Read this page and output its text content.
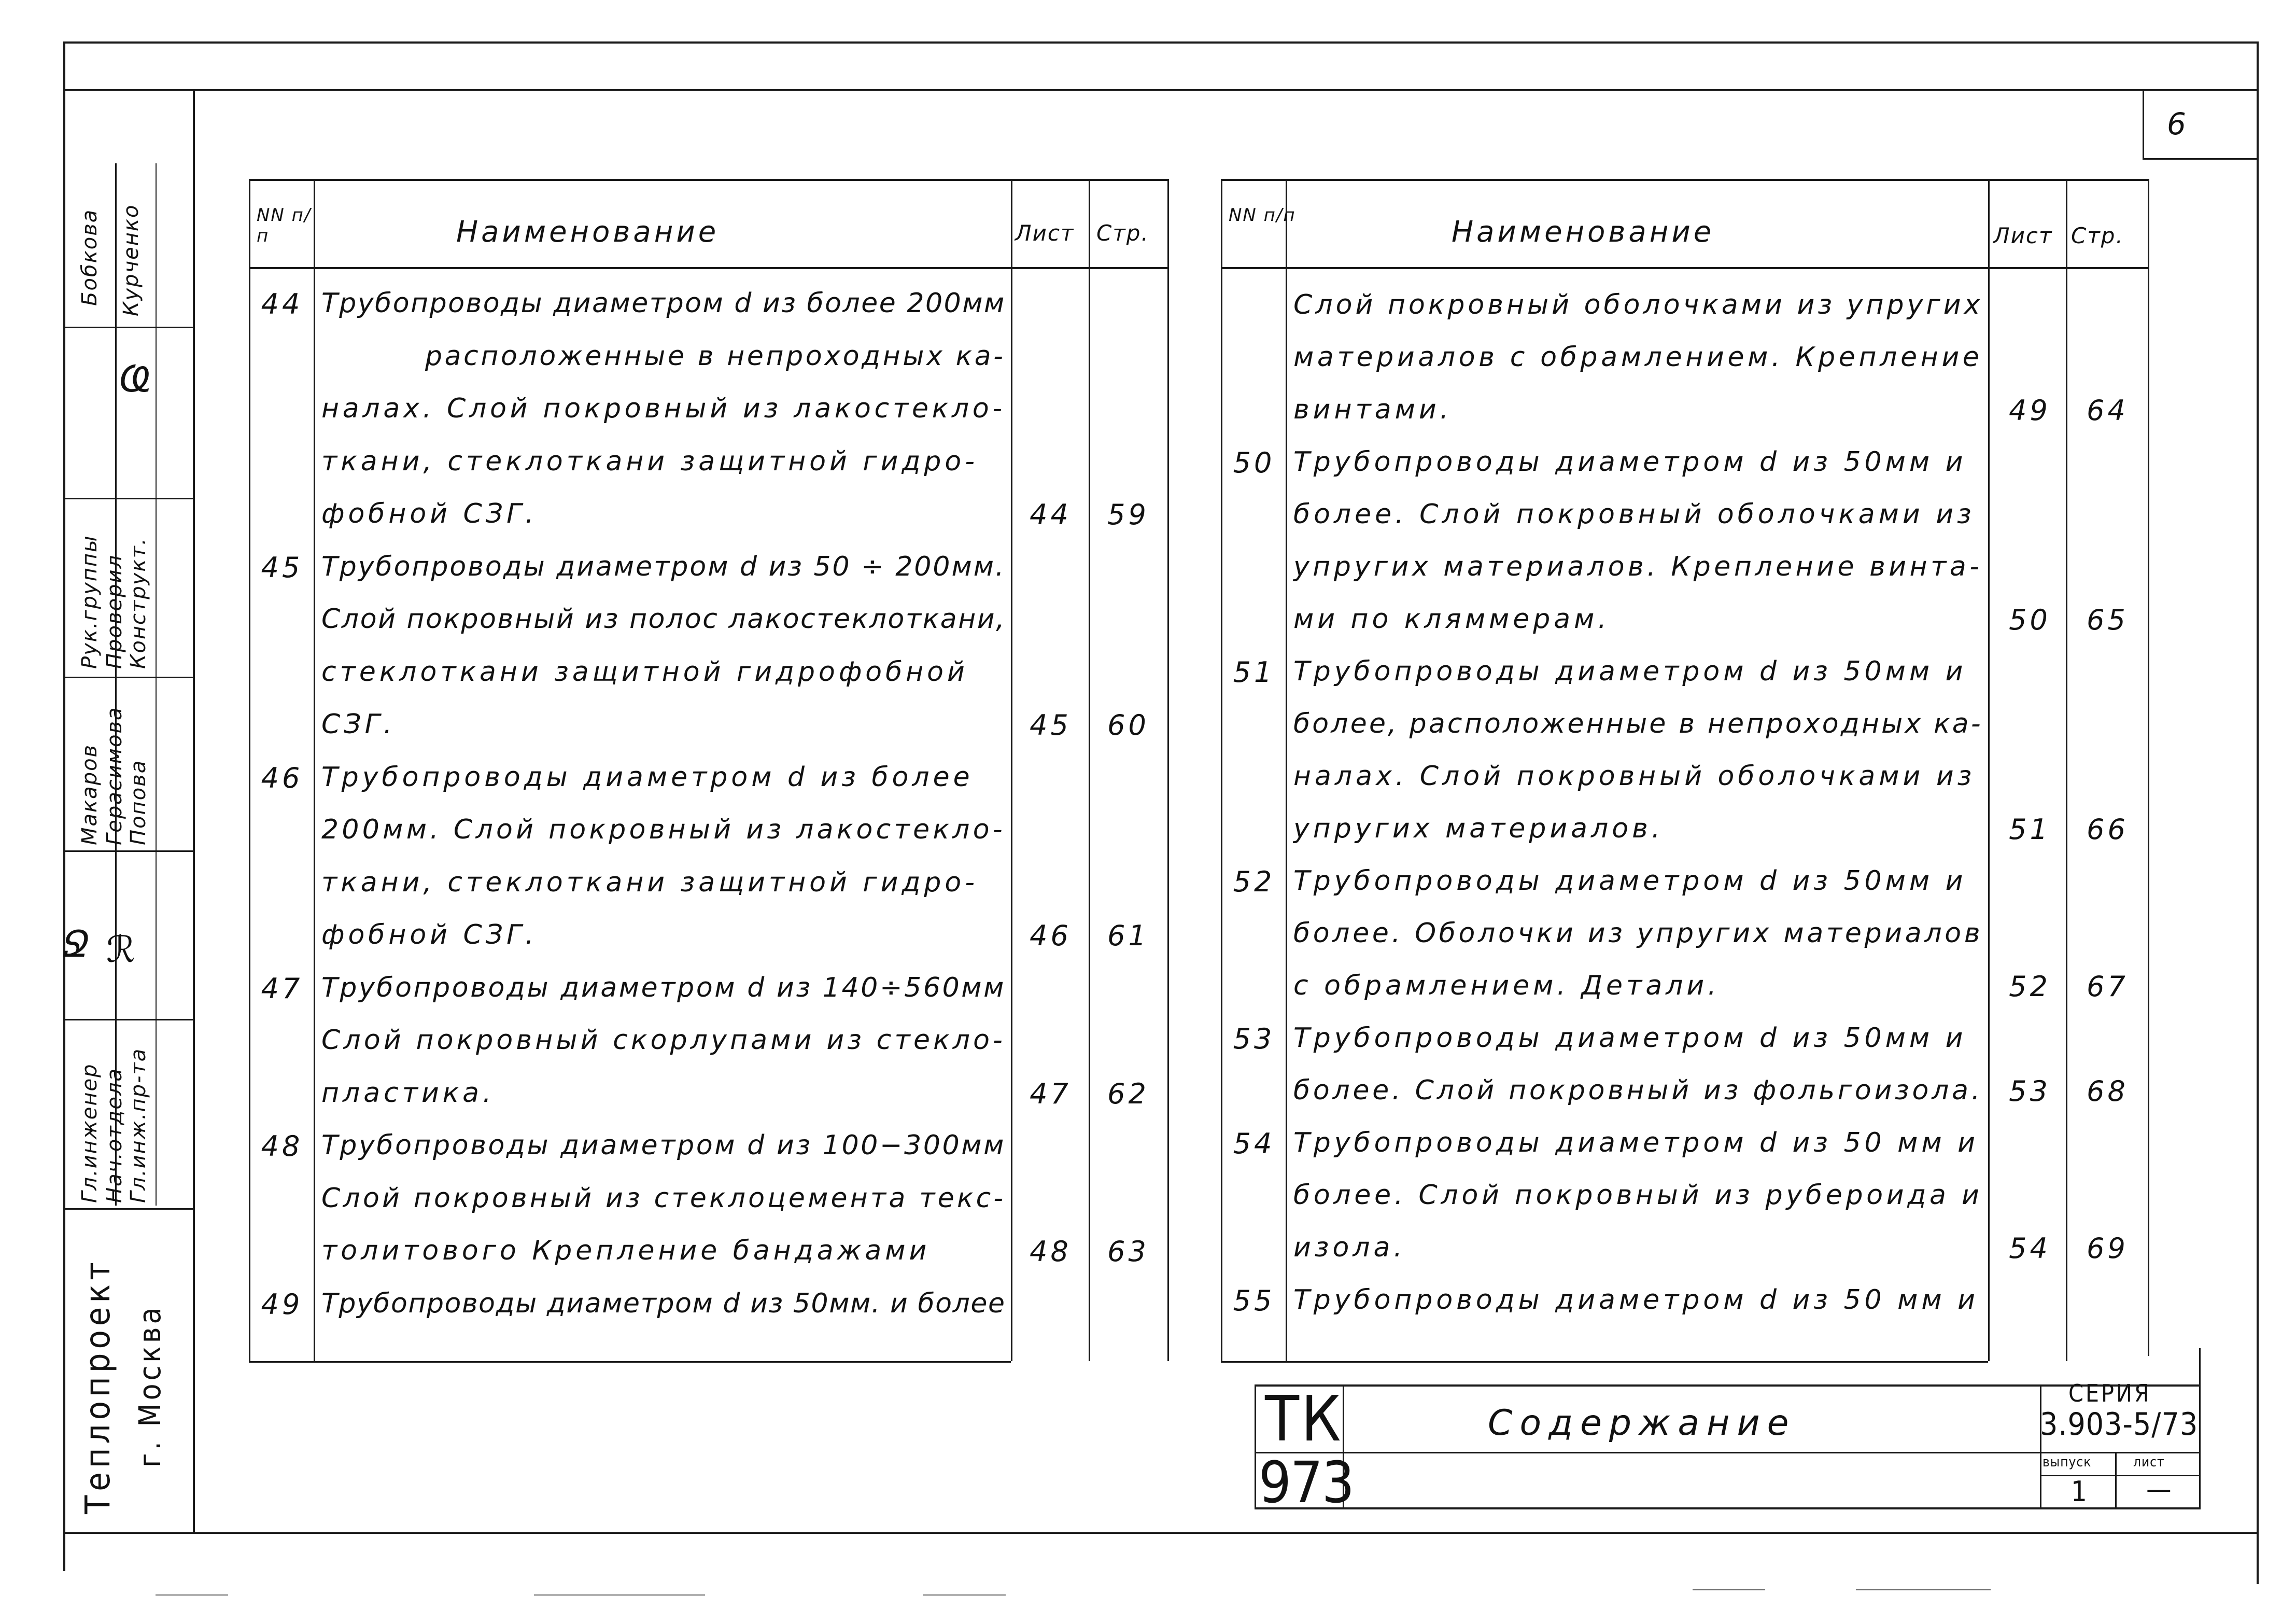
6
Бобкова Курченко
Ҩ
Рук.группы Проверил Конструкт.
Макаров Герасимова Попова
Ջ ℛ
Гл.инженер Нач.отдела Гл.инж.пр-та
Теплопроект г. Москва
NN п/п	Наименование	Лист Стр.
44 Трубопроводы диаметром d из более 200мм
расположенные в непроходных ка-
налах. Слой покровный из лакостекло-
ткани, стеклоткани защитной гидро-
фобной СЗГ.	44	59
45 Трубопроводы диаметром d из 50 ÷ 200мм.
Слой покровный из полос лакостеклоткани,
стеклоткани защитной гидрофобной
СЗГ.	45	60
46 Трубопроводы диаметром d из более
200мм. Слой покровный из лакостекло-
ткани, стеклоткани защитной гидро-
фобной СЗГ.	46	61
47 Трубопроводы диаметром d из 140÷560мм
Слой покровный скорлупами из стекло-
пластика.	47	62
48 Трубопроводы диаметром d из 100−300мм
Слой покровный из стеклоцемента текс-
толитового Крепление бандажами	48	63
49 Трубопроводы диаметром d из 50мм. и более
NN п/п	Наименование	Лист Стр.
Слой покровный оболочками из упругих
материалов с обрамлением. Крепление
винтами.	49	64
50 Трубопроводы диаметром d из 50мм и
более. Слой покровный оболочками из
упругих материалов. Крепление винта-
ми по кляммерам.	50	65
51 Трубопроводы диаметром d из 50мм и
более, расположенные в непроходных ка-
налах. Слой покровный оболочками из
упругих материалов.	51	66
52 Трубопроводы диаметром d из 50мм и
более. Оболочки из упругих материалов
с обрамлением. Детали.	52	67
53 Трубопроводы диаметром d из 50мм и
более. Слой покровный из фольгоизола. 53	68
54 Трубопроводы диаметром d из 50 мм и
более. Слой покровный из рубероида и
изола.	54	69
55 Трубопроводы диаметром d из 50 мм и
ТК
973
Содержание
СЕРИЯ
3.903-5/73
выпуск	лист
1 —
